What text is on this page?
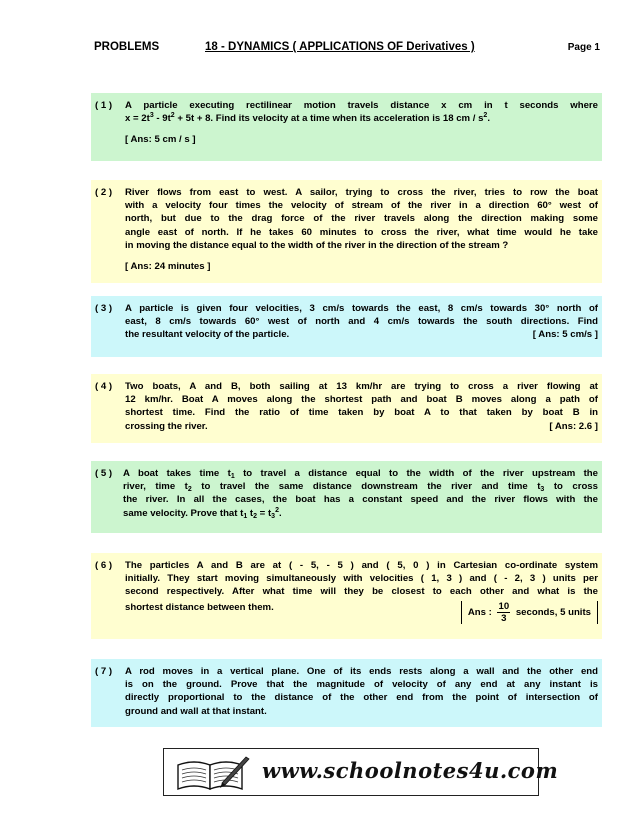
PROBLEMS	18 - DYNAMICS ( APPLICATIONS OF Derivatives )	Page 1
( 1 ) A particle executing rectilinear motion travels distance x cm in t seconds where
$x = 2t^3 - 9t^2 + 5t + 8$. Find its velocity at a time when its acceleration is 18 cm / $s^2$.
[ Ans: 5 cm / s ]
( 2 ) River flows from east to west. A sailor, trying to cross the river, tries to row the boat
with a velocity four times the velocity of stream of the river in a direction 60° west of
north, but due to the drag force of the river travels along the direction making some
angle east of north. If he takes 60 minutes to cross the river, what time would he take
in moving the distance equal to the width of the river in the direction of the stream ?
[ Ans: 24 minutes ]
( 3 ) A particle is given four velocities, 3 cm/s towards the east, 8 cm/s towards 30° north of
east, 8 cm/s towards 60° west of north and 4 cm/s towards the south directions. Find
the resultant velocity of the particle.	[ Ans: 5 cm/s ]
( 4 ) Two boats, A and B, both sailing at 13 km/hr are trying to cross a river flowing at
12 km/hr. Boat A moves along the shortest path and boat B moves along a path of
shortest time. Find the ratio of time taken by boat A to that taken by boat B in
crossing the river.	[ Ans: 2.6 ]
( 5 ) A boat takes time $t_1$ to travel a distance equal to the width of the river upstream the
river, time $t_2$ to travel the same distance downstream the river and time $t_3$ to cross
the river. In all the cases, the boat has a constant speed and the river flows with the
same velocity. Prove that $t_1$ $t_2 = t_3^2$.
( 6 ) The particles A and B are at ( - 5, - 5 ) and ( 5, 0 ) in Cartesian co-ordinate system
initially. They start moving simultaneously with velocities ( 1, 3 ) and ( - 2, 3 ) units per
second respectively. After what time will they be closest to each other and what is the
shortest distance between them.	Ans : $\frac{10}{3}$ seconds, 5 units
( 7 ) A rod moves in a vertical plane. One of its ends rests along a wall and the other end
is on the ground. Prove that the magnitude of velocity of any end at any instant is
directly proportional to the distance of the other end from the point of intersection of
ground and wall at that instant.
www.schoolnotes4u.com
